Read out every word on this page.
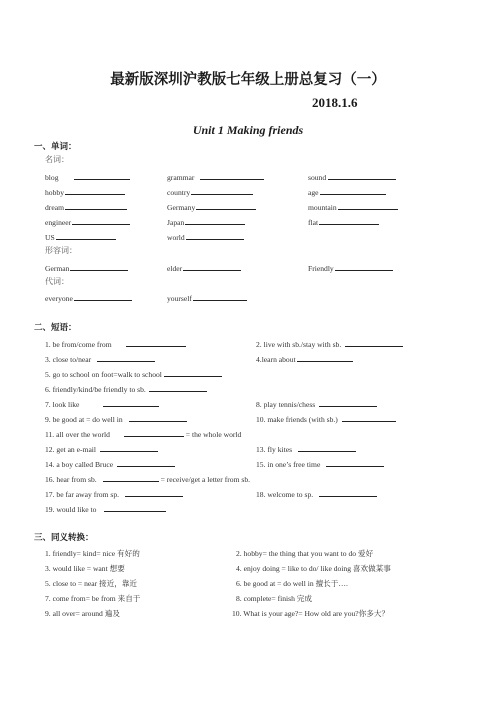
最新版深圳沪教版七年级上册总复习（一）
2018.1.6
Unit 1 Making friends
一、单词：
名词：
blog	grammar	sound
hobby	country	age
dream	Germany	mountain
engineer	Japan	flat
US	world
形容词：
German	elder	Friendly
代词：
everyone	yourself
二、短语：
1. be from/come from	2. live with sb./stay with sb.
3. close to/near	4.learn about
5. go to school on foot=walk to school
6. friendly/kind/be friendly to sb.
7. look like	8. play tennis/chess
9. be good at = do well in	10. make friends (with sb.)
11. all over the world	= the whole world
12. get an e-mail	13. fly kites
14. a boy called Bruce	15. in one’s free time
16. hear from sb.	= receive/get a letter from sb.
17. be far away from sp.	18. welcome to sp.
19. would like to
三、同义转换：
1. friendly= kind= nice 有好的	2. hobby= the thing that you want to do 爱好
3. would like = want 想要	4. enjoy doing = like to do/ like doing 喜欢做某事
5. close to = near 接近，靠近	6. be good at = do well in 擅长于….
7. come from= be from 来自于	8. complete= finish 完成
9. all over= around 遍及	10. What is your age?= How old are you?你多大？
